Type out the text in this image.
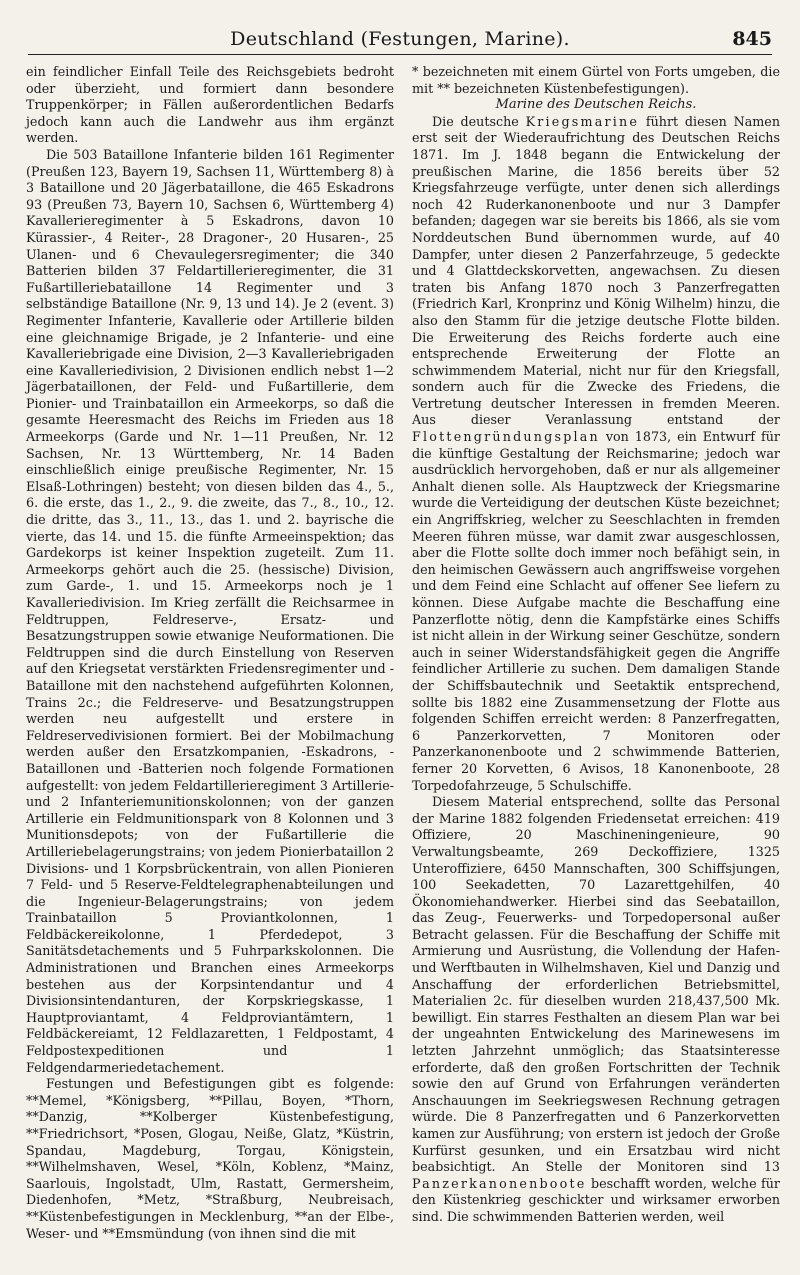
Deutschland (Festungen, Marine).	845

ein feindlicher Einfall Teile des Reichsgebiets bedroht oder überzieht, und formiert dann besondere Truppenkörper; in Fällen außerordentlichen Bedarfs jedoch kann auch die Landwehr aus ihm ergänzt werden.

Die 503 Bataillone Infanterie bilden 161 Regimenter (Preußen 123, Bayern 19, Sachsen 11, Württemberg 8) à 3 Bataillone und 20 Jägerbataillone, die 465 Eskadrons 93 (Preußen 73, Bayern 10, Sachsen 6, Württemberg 4) Kavallerieregimenter à 5 Eskadrons, davon 10 Kürassier-, 4 Reiter-, 28 Dragoner-, 20 Husaren-, 25 Ulanen- und 6 Chevaulegersregimenter; die 340 Batterien bilden 37 Feldartillerieregimenter, die 31 Fußartilleriebataillone 14 Regimenter und 3 selbständige Bataillone (Nr. 9, 13 und 14). Je 2 (event. 3) Regimenter Infanterie, Kavallerie oder Artillerie bilden eine gleichnamige Brigade, je 2 Infanterie- und eine Kavalleriebrigade eine Division, 2—3 Kavalleriebrigaden eine Kavalleriedivision, 2 Divisionen endlich nebst 1—2 Jägerbataillonen, der Feld- und Fußartillerie, dem Pionier- und Trainbataillon ein Armeekorps, so daß die gesamte Heeresmacht des Reichs im Frieden aus 18 Armeekorps (Garde und Nr. 1—11 Preußen, Nr. 12 Sachsen, Nr. 13 Württemberg, Nr. 14 Baden einschließlich einige preußische Regimenter, Nr. 15 Elsaß-Lothringen) besteht; von diesen bilden das 4., 5., 6. die erste, das 1., 2., 9. die zweite, das 7., 8., 10., 12. die dritte, das 3., 11., 13., das 1. und 2. bayrische die vierte, das 14. und 15. die fünfte Armeeinspektion; das Gardekorps ist keiner Inspektion zugeteilt. Zum 11. Armeekorps gehört auch die 25. (hessische) Division, zum Garde-, 1. und 15. Armeekorps noch je 1 Kavalleriedivision. Im Krieg zerfällt die Reichsarmee in Feldtruppen, Feldreserve-, Ersatz- und Besatzungstruppen sowie etwanige Neuformationen. Die Feldtruppen sind die durch Einstellung von Reserven auf den Kriegsetat verstärkten Friedensregimenter und -Bataillone mit den nachstehend aufgeführten Kolonnen, Trains 2c.; die Feldreserve- und Besatzungstruppen werden neu aufgestellt und erstere in Feldreservedivisionen formiert. Bei der Mobilmachung werden außer den Ersatzkompanien, -Eskadrons, -Bataillonen und -Batterien noch folgende Formationen aufgestellt: von jedem Feldartillerieregiment 3 Artillerie- und 2 Infanteriemunitionskolonnen; von der ganzen Artillerie ein Feldmunitionspark von 8 Kolonnen und 3 Munitionsdepots; von der Fußartillerie die Artilleriebelagerungstrains; von jedem Pionierbataillon 2 Divisions- und 1 Korpsbrückentrain, von allen Pionieren 7 Feld- und 5 Reserve-Feldtelegraphenabteilungen und die Ingenieur-Belagerungstrains; von jedem Trainbataillon 5 Proviantkolonnen, 1 Feldbäckereikolonne, 1 Pferdedepot, 3 Sanitätsdetachements und 5 Fuhrparkskolonnen. Die Administrationen und Branchen eines Armeekorps bestehen aus der Korpsintendantur und 4 Divisionsintendanturen, der Korpskriegskasse, 1 Hauptproviantamt, 4 Feldproviantämtern, 1 Feldbäckereiamt, 12 Feldlazaretten, 1 Feldpostamt, 4 Feldpostexpeditionen und 1 Feldgendarmeriedetachement.

Festungen und Befestigungen gibt es folgende: **Memel, *Königsberg, **Pillau, Boyen, *Thorn, **Danzig, **Kolberger Küstenbefestigung, **Friedrichsort, *Posen, Glogau, Neiße, Glatz, *Küstrin, Spandau, Magdeburg, Torgau, Königstein, **Wilhelmshaven, Wesel, *Köln, Koblenz, *Mainz, Saarlouis, Ingolstadt, Ulm, Rastatt, Germersheim, Diedenhofen, *Metz, *Straßburg, Neubreisach, **Küstenbefestigungen in Mecklenburg, **an der Elbe-, Weser- und **Emsmündung (von ihnen sind die mit

* bezeichneten mit einem Gürtel von Forts umgeben, die mit ** bezeichneten Küstenbefestigungen).

Marine des Deutschen Reichs.

Die deutsche Kriegsmarine führt diesen Namen erst seit der Wiederaufrichtung des Deutschen Reichs 1871. Im J. 1848 begann die Entwickelung der preußischen Marine, die 1856 bereits über 52 Kriegsfahrzeuge verfügte, unter denen sich allerdings noch 42 Ruderkanonenboote und nur 3 Dampfer befanden; dagegen war sie bereits bis 1866, als sie vom Norddeutschen Bund übernommen wurde, auf 40 Dampfer, unter diesen 2 Panzerfahrzeuge, 5 gedeckte und 4 Glattdeckskorvetten, angewachsen. Zu diesen traten bis Anfang 1870 noch 3 Panzerfregatten (Friedrich Karl, Kronprinz und König Wilhelm) hinzu, die also den Stamm für die jetzige deutsche Flotte bilden. Die Erweiterung des Reichs forderte auch eine entsprechende Erweiterung der Flotte an schwimmendem Material, nicht nur für den Kriegsfall, sondern auch für die Zwecke des Friedens, die Vertretung deutscher Interessen in fremden Meeren. Aus dieser Veranlassung entstand der Flottengründungsplan von 1873, ein Entwurf für die künftige Gestaltung der Reichsmarine; jedoch war ausdrücklich hervorgehoben, daß er nur als allgemeiner Anhalt dienen solle. Als Hauptzweck der Kriegsmarine wurde die Verteidigung der deutschen Küste bezeichnet; ein Angriffskrieg, welcher zu Seeschlachten in fremden Meeren führen müsse, war damit zwar ausgeschlossen, aber die Flotte sollte doch immer noch befähigt sein, in den heimischen Gewässern auch angriffsweise vorgehen und dem Feind eine Schlacht auf offener See liefern zu können. Diese Aufgabe machte die Beschaffung eine Panzerflotte nötig, denn die Kampfstärke eines Schiffs ist nicht allein in der Wirkung seiner Geschütze, sondern auch in seiner Widerstandsfähigkeit gegen die Angriffe feindlicher Artillerie zu suchen. Dem damaligen Stande der Schiffsbautechnik und Seetaktik entsprechend, sollte bis 1882 eine Zusammensetzung der Flotte aus folgenden Schiffen erreicht werden: 8 Panzerfregatten, 6 Panzerkorvetten, 7 Monitoren oder Panzerkanonenboote und 2 schwimmende Batterien, ferner 20 Korvetten, 6 Avisos, 18 Kanonenboote, 28 Torpedofahrzeuge, 5 Schulschiffe.

Diesem Material entsprechend, sollte das Personal der Marine 1882 folgenden Friedensetat erreichen: 419 Offiziere, 20 Maschineningenieure, 90 Verwaltungsbeamte, 269 Deckoffiziere, 1325 Unteroffiziere, 6450 Mannschaften, 300 Schiffsjungen, 100 Seekadetten, 70 Lazarettgehilfen, 40 Ökonomiehandwerker. Hierbei sind das Seebataillon, das Zeug-, Feuerwerks- und Torpedopersonal außer Betracht gelassen. Für die Beschaffung der Schiffe mit Armierung und Ausrüstung, die Vollendung der Hafen- und Werftbauten in Wilhelmshaven, Kiel und Danzig und Anschaffung der erforderlichen Betriebsmittel, Materialien 2c. für dieselben wurden 218,437,500 Mk. bewilligt. Ein starres Festhalten an diesem Plan war bei der ungeahnten Entwickelung des Marinewesens im letzten Jahrzehnt unmöglich; das Staatsinteresse erforderte, daß den großen Fortschritten der Technik sowie den auf Grund von Erfahrungen veränderten Anschauungen im Seekriegswesen Rechnung getragen würde. Die 8 Panzerfregatten und 6 Panzerkorvetten kamen zur Ausführung; von erstern ist jedoch der Große Kurfürst gesunken, und ein Ersatzbau wird nicht beabsichtigt. An Stelle der Monitoren sind 13 Panzerkanonenboote beschafft worden, welche für den Küstenkrieg geschickter und wirksamer erworben sind. Die schwimmenden Batterien werden, weil
